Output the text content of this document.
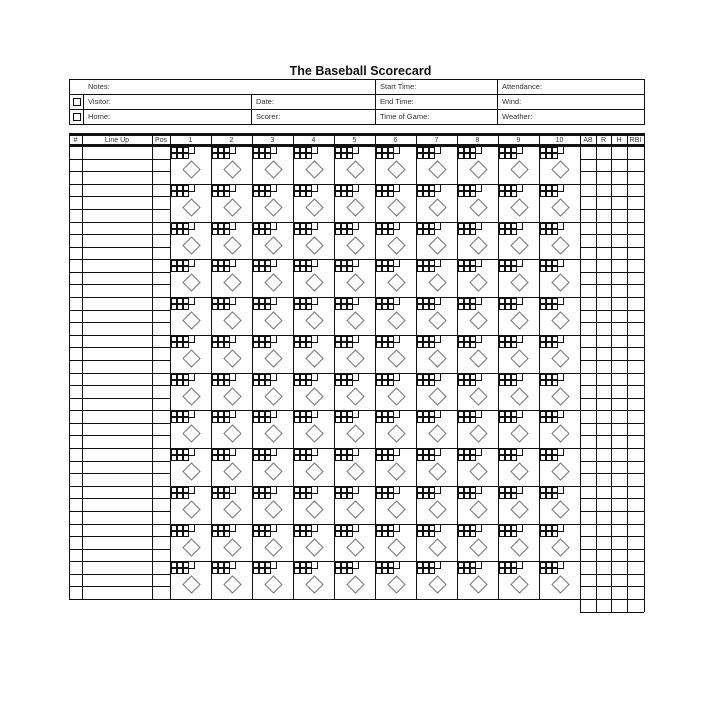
The Baseball Scorecard
Notes:	Start Time:	Attendance:
Visitor:	Date:	End Time:	Wind:
Home:	Scorer:	Time of Game:	Weather:
#	Line Up	Pos	1	2	3	4	5	6	7	8	9	10	AB	R	H	RBI
